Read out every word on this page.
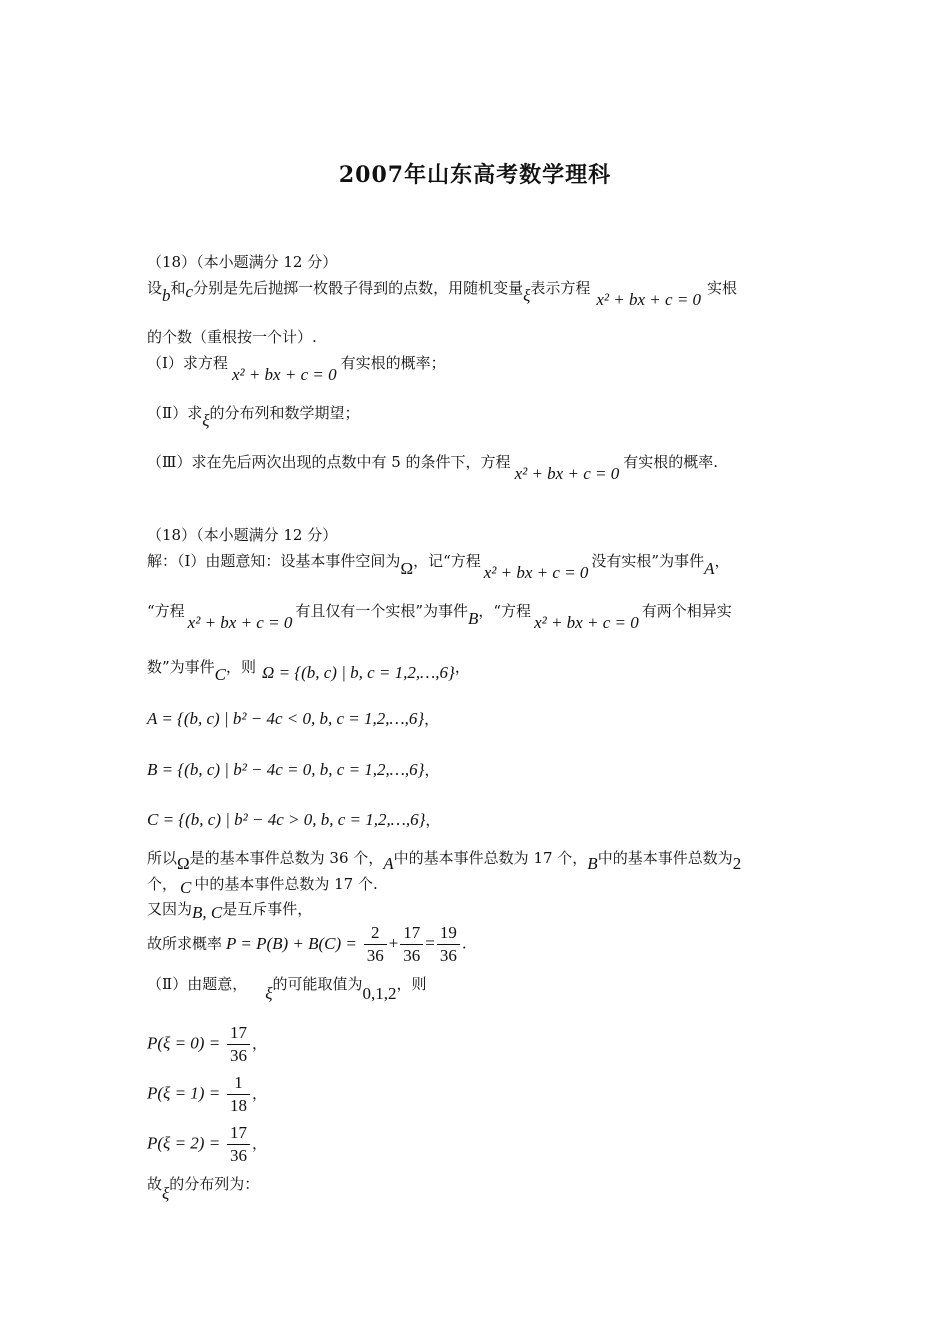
2007年山东高考数学理科
（18）（本小题满分 12 分）
设b和c分别是先后抛掷一枚骰子得到的点数，用随机变量ξ表示方程x² + bx + c = 0实根
的个数（重根按一个计）.
（Ⅰ）求方程x² + bx + c = 0有实根的概率；
（Ⅱ）求ξ的分布列和数学期望；
（Ⅲ）求在先后两次出现的点数中有 5 的条件下，方程x² + bx + c = 0有实根的概率.
（18）（本小题满分 12 分）
解：（Ⅰ）由题意知：设基本事件空间为Ω，记“方程x² + bx + c = 0没有实根”为事件A，
“方程x² + bx + c = 0有且仅有一个实根”为事件B，“方程x² + bx + c = 0有两个相异实
数”为事件C，则 Ω = {(b, c) | b, c = 1,2,…,6}，
A = {(b, c) | b² − 4c < 0, b, c = 1,2,…,6}，
B = {(b, c) | b² − 4c = 0, b, c = 1,2,…,6}，
C = {(b, c) | b² − 4c > 0, b, c = 1,2,…,6}，
所以Ω是的基本事件总数为 36 个，A中的基本事件总数为 17 个，B中的基本事件总数为2
个， C 中的基本事件总数为 17 个.
又因为B, C是互斥事件，
故所求概率 $P = P(B) + B(C) = \frac{2}{36} + \frac{17}{36} = \frac{19}{36}$ .
（Ⅱ）由题意， ξ的可能取值为0,1,2，则
$P(\xi = 0) = \frac{17}{36}$ ，
$P(\xi = 1) = \frac{1}{18}$ ，
$P(\xi = 2) = \frac{17}{36}$ ，
故ξ的分布列为：
